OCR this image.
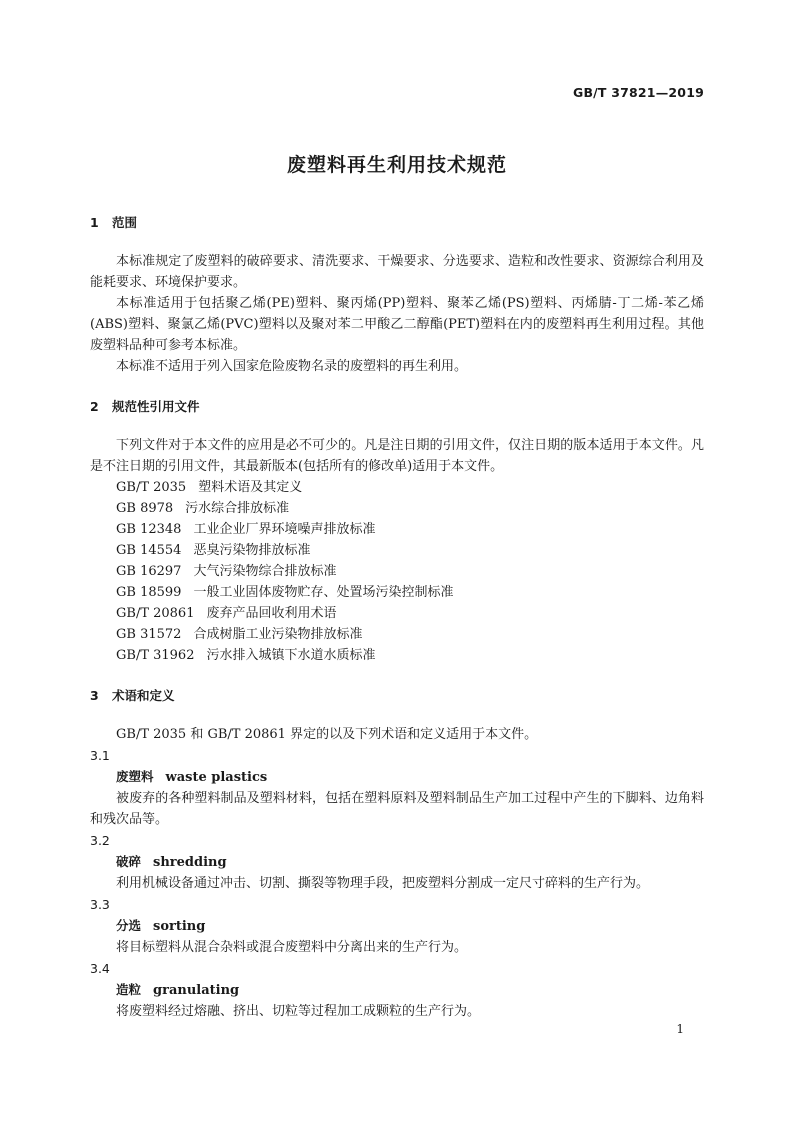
GB/T 37821—2019
废塑料再生利用技术规范

1 范围

本标准规定了废塑料的破碎要求、清洗要求、干燥要求、分选要求、造粒和改性要求、资源综合利用及能耗要求、环境保护要求。

本标准适用于包括聚乙烯(PE)塑料、聚丙烯(PP)塑料、聚苯乙烯(PS)塑料、丙烯腈-丁二烯-苯乙烯(ABS)塑料、聚氯乙烯(PVC)塑料以及聚对苯二甲酸乙二醇酯(PET)塑料在内的废塑料再生利用过程。其他废塑料品种可参考本标准。

本标准不适用于列入国家危险废物名录的废塑料的再生利用。

2 规范性引用文件

下列文件对于本文件的应用是必不可少的。凡是注日期的引用文件，仅注日期的版本适用于本文件。凡是不注日期的引用文件，其最新版本(包括所有的修改单)适用于本文件。

GB/T 2035 塑料术语及其定义
GB 8978 污水综合排放标准
GB 12348 工业企业厂界环境噪声排放标准
GB 14554 恶臭污染物排放标准
GB 16297 大气污染物综合排放标准
GB 18599 一般工业固体废物贮存、处置场污染控制标准
GB/T 20861 废弃产品回收利用术语
GB 31572 合成树脂工业污染物排放标准
GB/T 31962 污水排入城镇下水道水质标准

3 术语和定义

GB/T 2035 和 GB/T 20861 界定的以及下列术语和定义适用于本文件。

3.1

废塑料 waste plastics

被废弃的各种塑料制品及塑料材料，包括在塑料原料及塑料制品生产加工过程中产生的下脚料、边角料和残次品等。

3.2

破碎 shredding

利用机械设备通过冲击、切割、撕裂等物理手段，把废塑料分割成一定尺寸碎料的生产行为。

3.3

分选 sorting

将目标塑料从混合杂料或混合废塑料中分离出来的生产行为。

3.4

造粒 granulating

将废塑料经过熔融、挤出、切粒等过程加工成颗粒的生产行为。

1
